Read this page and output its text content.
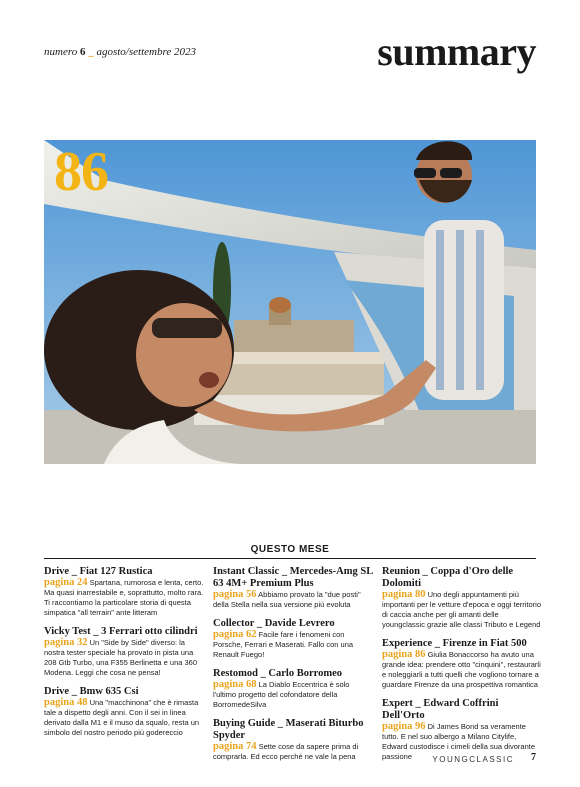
numero 6 _ agosto/settembre 2023	summary
86
QUESTO MESE
Drive _ Fiat 127 Rustica
pagina 24 Spartana, rumorosa e lenta, certo. Ma quasi inarrestabile e, soprattutto, molto rara. Ti raccontiamo la particolare storia di questa simpatica "all terrain" ante litteram
Vicky Test _ 3 Ferrari otto cilindri
pagina 32 Un "Side by Side" diverso: la nostra tester speciale ha provato in pista una 208 Gtb Turbo, una F355 Berlinetta e una 360 Modena. Leggi che cosa ne pensa!
Drive _ Bmw 635 Csi
pagina 48 Una "macchinona" che è rimasta tale a dispetto degli anni. Con il sei in linea derivato dalla M1 e il muso da squalo, resta un simbolo del nostro periodo più godereccio
Instant Classic _ Mercedes-Amg SL 63 4M+ Premium Plus
pagina 56 Abbiamo provato la "due posti" della Stella nella sua versione più evoluta
Collector _ Davide Levrero
pagina 62 Facile fare i fenomeni con Porsche, Ferrari e Maserati. Fallo con una Renault Fuego!
Restomod _ Carlo Borromeo
pagina 68 La Diablo Eccentrica è solo l'ultimo progetto del cofondatore della BorromedeSilva
Buying Guide _ Maserati Biturbo Spyder
pagina 74 Sette cose da sapere prima di comprarla. Ed ecco perché ne vale la pena
Reunion _ Coppa d'Oro delle Dolomiti
pagina 80 Uno degli appuntamenti più importanti per le vetture d'epoca e oggi territorio di caccia anche per gli amanti delle youngclassic grazie alle classi Tributo e Legend
Experience _ Firenze in Fiat 500
pagina 86 Giulia Bonaccorso ha avuto una grande idea: prendere otto "cinquini", restaurarli e noleggiarli a tutti quelli che vogliono tornare a guardare Firenze da una prospettiva romantica
Expert _ Edward Coffrini Dell'Orto
pagina 96 Di James Bond sa veramente tutto. E nel suo albergo a Milano Citylife, Edward custodisce i cimeli della sua divorante passione	YOUNGCLASSIC 7
